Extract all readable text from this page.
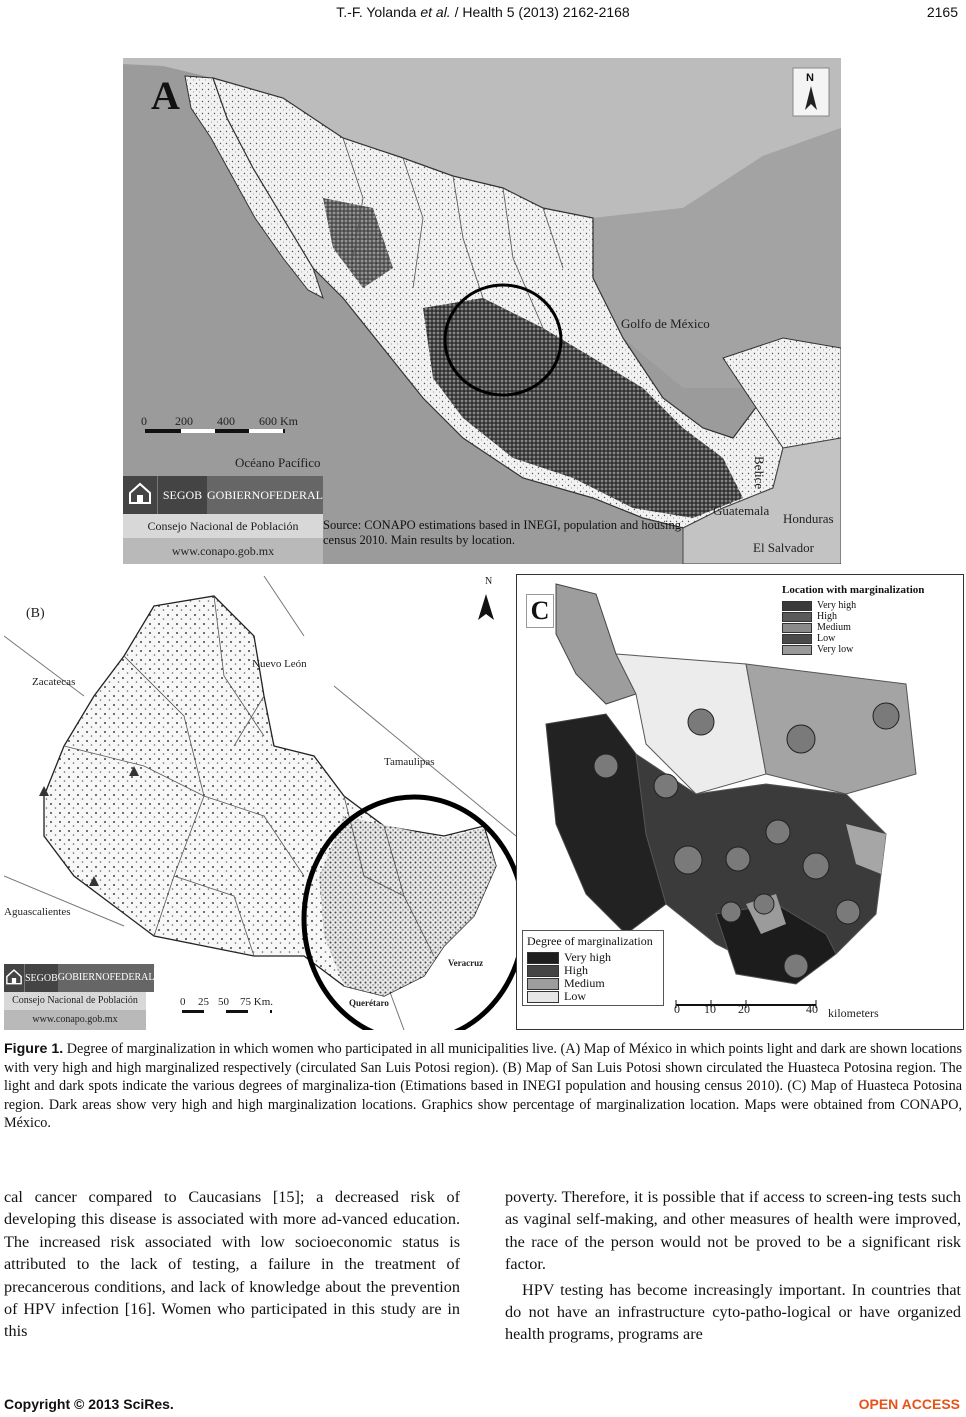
T.-F. Yolanda et al. / Health 5 (2013) 2162-2168	2165
A	N
0 200 400 600 Km
Golfo de México
Océano Pacífico	Belice
Guatemala
Honduras
El Salvador
Source: CONAPO estimations based in INEGI, population and housing census 2010. Main results by location.
SEGOB GOBIERNO FEDERAL
Consejo Nacional de Población
www.conapo.gob.mx
N
(B)
Nuevo León
Zacatecas
Tamaulipas
Aguascalientes
Veracruz
Querétaro
0 25 50 75 Km.
SEGOB GOBIERNO FEDERAL
Consejo Nacional de Población
www.conapo.gob.mx
C
Location with marginalization
Very high
High
Medium
Low
Very low
Degree of marginalization
Very high
High
Medium
Low
0 10 20	40 kilometers

Figure 1. Degree of marginalization in which women who participated in all municipalities live. (A) Map of México in which points light and dark are shown locations with very high and high marginalized respectively (circulated San Luis Potosi region). (B) Map of San Luis Potosi shown circulated the Huasteca Potosina region. The light and dark spots indicate the various degrees of marginaliza-tion (Etimations based in INEGI population and housing census 2010). (C) Map of Huasteca Potosina region. Dark areas show very high and high marginalization locations. Graphics show percentage of marginalization location. Maps were obtained from CONAPO, México.

cal cancer compared to Caucasians [15]; a decreased risk of developing this disease is associated with more ad-vanced education. The increased risk associated with low socioeconomic status is attributed to the lack of testing, a failure in the treatment of precancerous conditions, and lack of knowledge about the prevention of HPV infection [16]. Women who participated in this study are in this

poverty. Therefore, it is possible that if access to screen-ing tests such as vaginal self-making, and other measures of health were improved, the race of the person would not be proved to be a significant risk factor.

HPV testing has become increasingly important. In countries that do not have an infrastructure cyto-patho-logical or have organized health programs, programs are

Copyright © 2013 SciRes.	OPEN ACCESS
